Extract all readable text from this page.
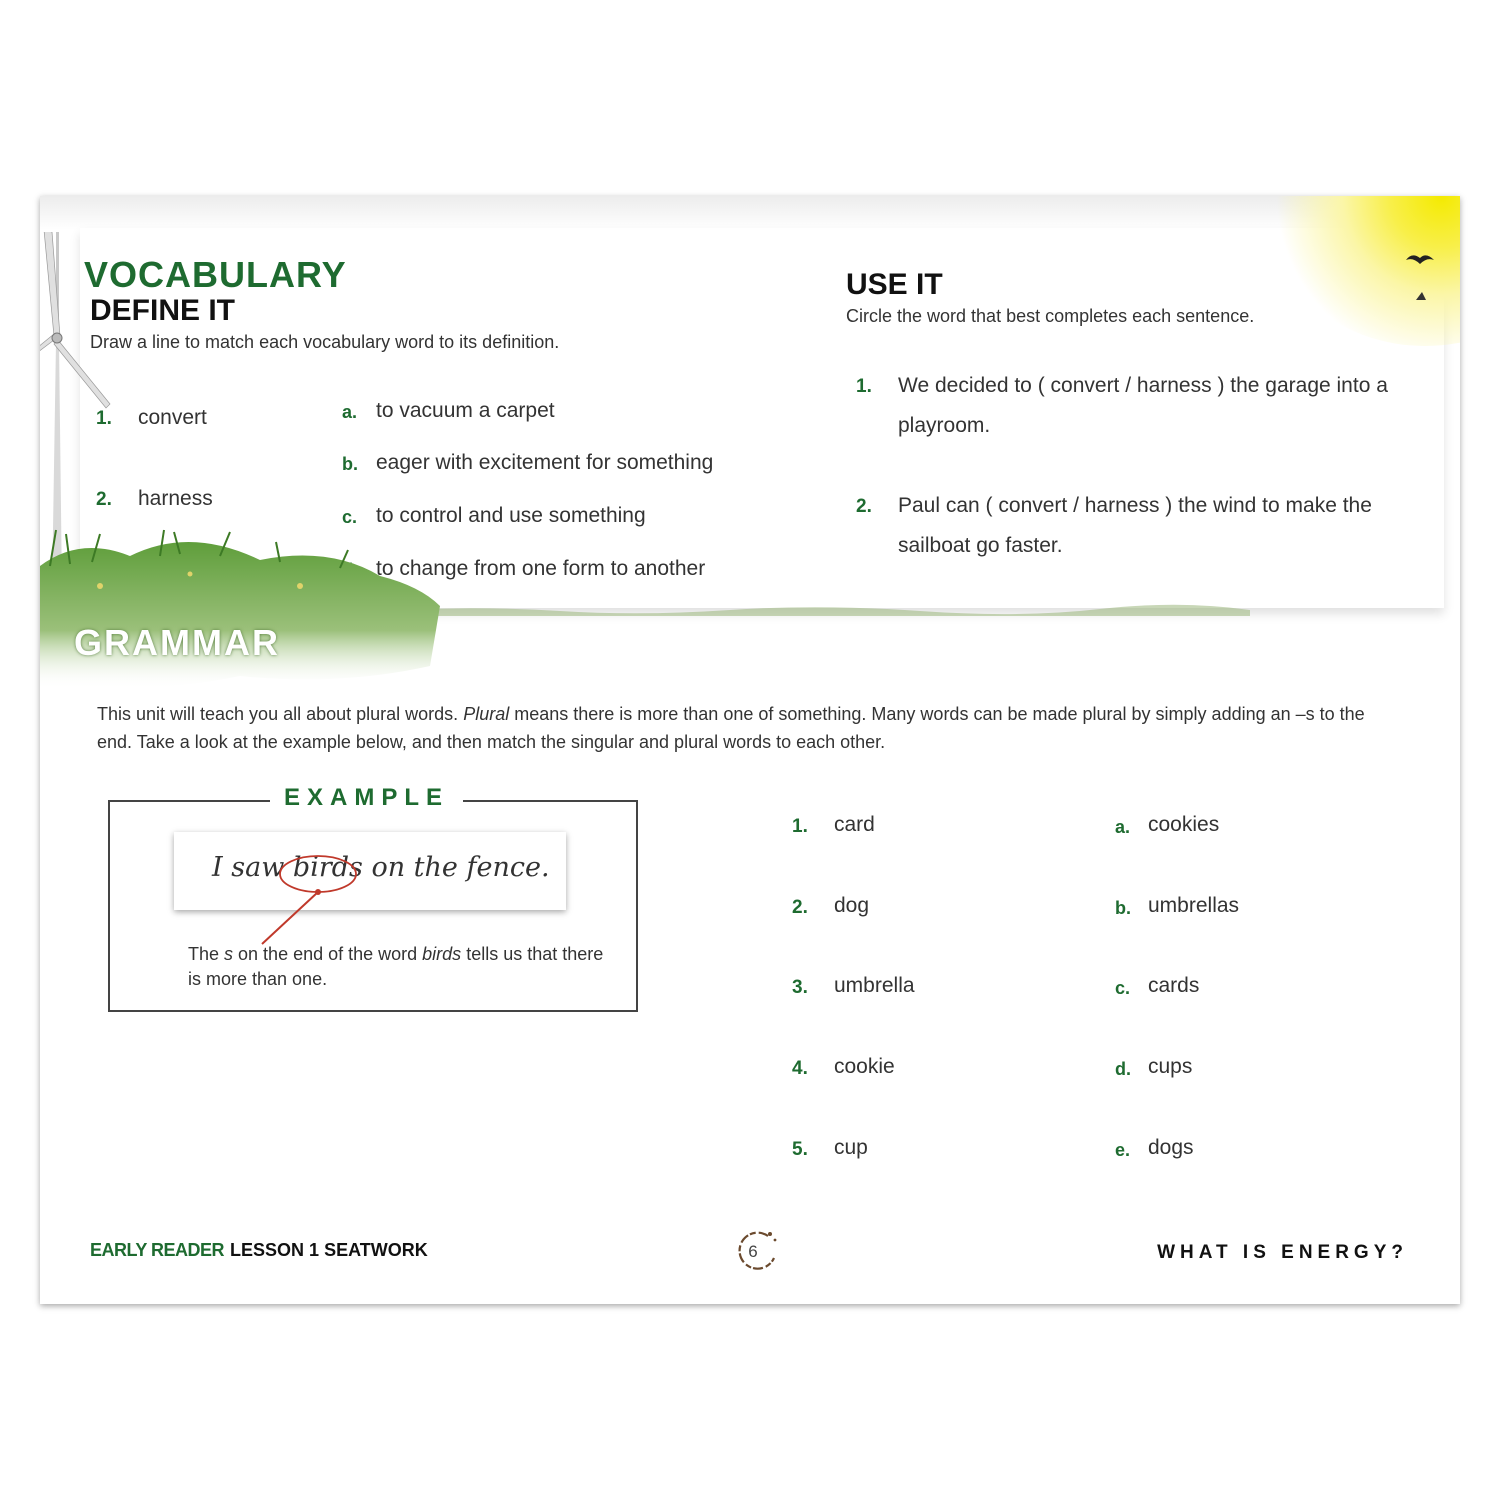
VOCABULARY
DEFINE IT
Draw a line to match each vocabulary word to its definition.
1. convert
2. harness
a. to vacuum a carpet
b. eager with excitement for something
c. to control and use something
to change from one form to another
USE IT
Circle the word that best completes each sentence.
1. We decided to ( convert / harness ) the garage into a playroom.
2. Paul can ( convert / harness ) the wind to make the sailboat go faster.
GRAMMAR
This unit will teach you all about plural words. Plural means there is more than one of something. Many words can be made plural by simply adding an –s to the end. Take a look at the example below, and then match the singular and plural words to each other.
EXAMPLE
I saw birds on the fence.
The s on the end of the word birds tells us that there is more than one.
1. card
2. dog
3. umbrella
4. cookie
5. cup
a. cookies
b. umbrellas
c. cards
d. cups
e. dogs
EARLY READER LESSON 1 SEATWORK	6	WHAT IS ENERGY?
